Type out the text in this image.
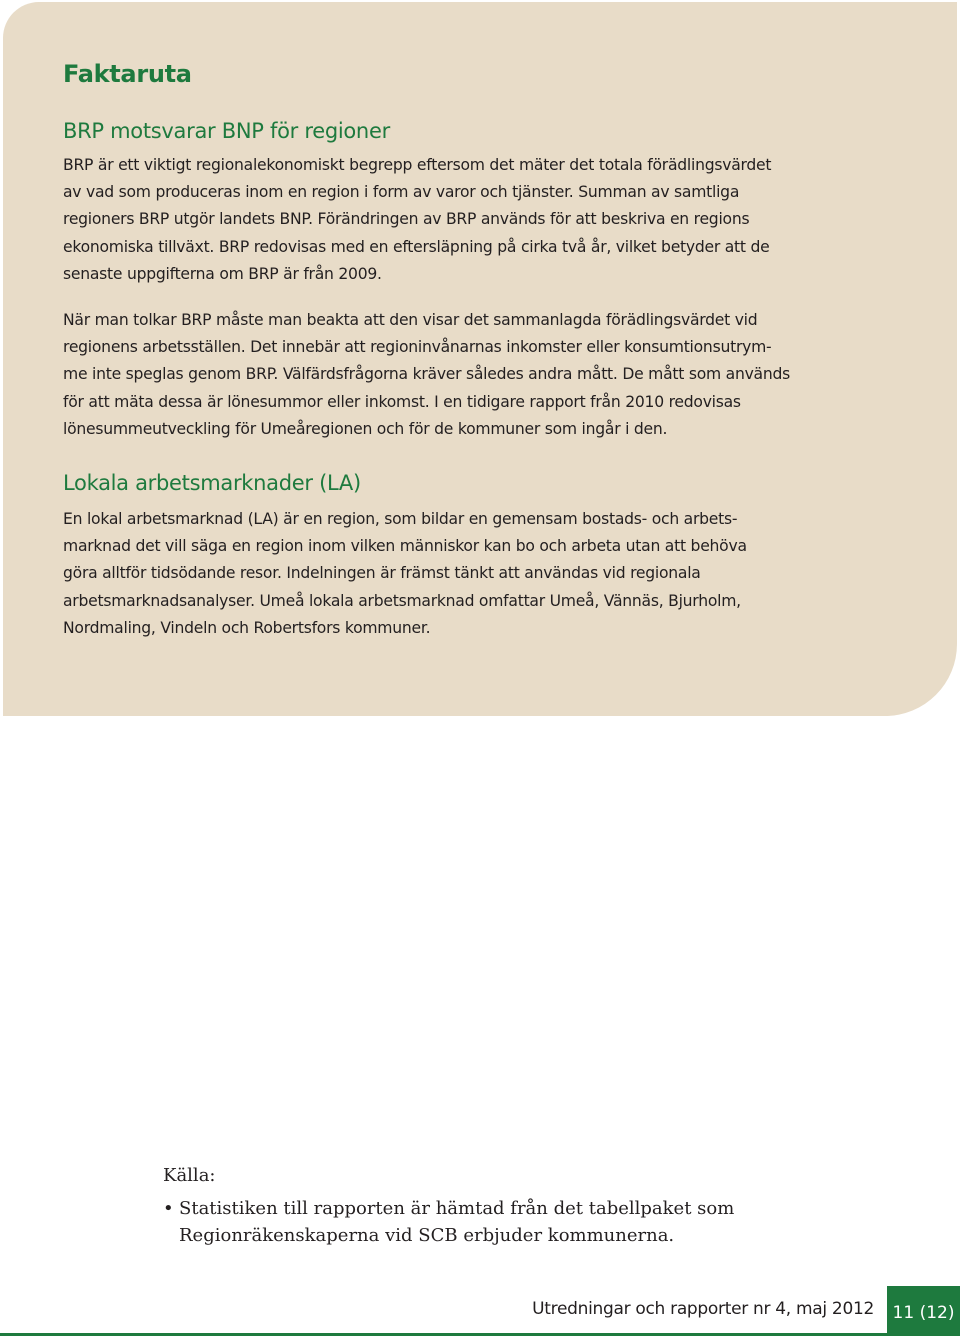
Faktaruta
BRP motsvarar BNP för regioner

BRP är ett viktigt regionalekonomiskt begrepp eftersom det mäter det totala förädlingsvärdet
av vad som produceras inom en region i form av varor och tjänster. Summan av samtliga
regioners BRP utgör landets BNP. Förändringen av BRP används för att beskriva en regions
ekonomiska tillväxt. BRP redovisas med en eftersläpning på cirka två år, vilket betyder att de
senaste uppgifterna om BRP är från 2009.

När man tolkar BRP måste man beakta att den visar det sammanlagda förädlingsvärdet vid
regionens arbetsställen. Det innebär att regioninvånarnas inkomster eller konsumtionsutrym-
me inte speglas genom BRP. Välfärdsfrågorna kräver således andra mått. De mått som används
för att mäta dessa är lönesummor eller inkomst. I en tidigare rapport från 2010 redovisas
lönesummeutveckling för Umeåregionen och för de kommuner som ingår i den.

Lokala arbetsmarknader (LA)

En lokal arbetsmarknad (LA) är en region, som bildar en gemensam bostads- och arbets-
marknad det vill säga en region inom vilken människor kan bo och arbeta utan att behöva
göra alltför tidsödande resor. Indelningen är främst tänkt att användas vid regionala
arbetsmarknadsanalyser. Umeå lokala arbetsmarknad omfattar Umeå, Vännäs, Bjurholm,
Nordmaling, Vindeln och Robertsfors kommuner.

Källa:

• Statistiken till rapporten är hämtad från det tabellpaket som
Regionräkenskaperna vid SCB erbjuder kommunerna.

Utredningar och rapporter nr 4, maj 2012 11 (12)
